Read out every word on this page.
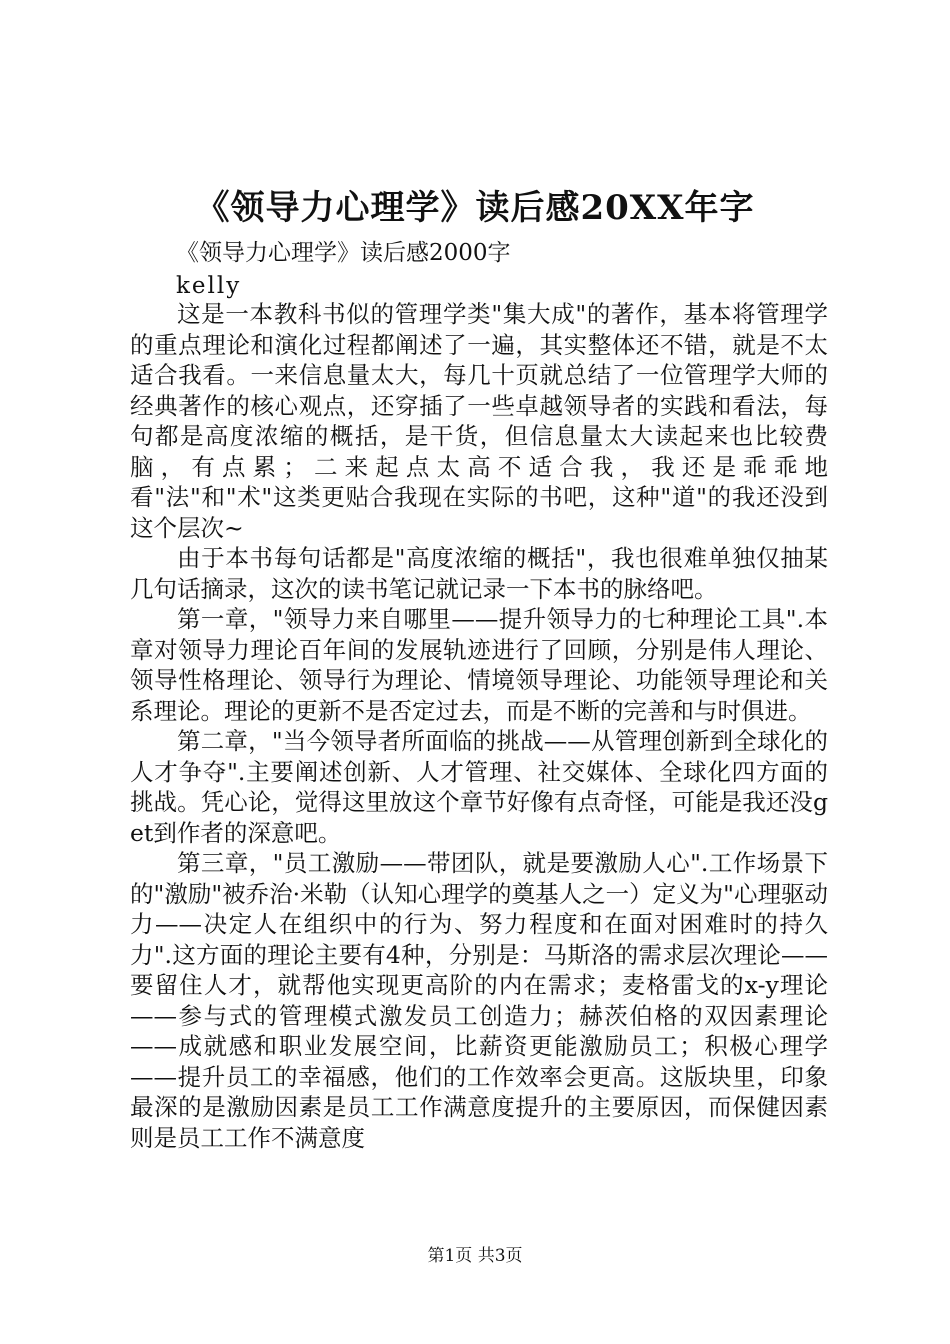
《领导力心理学》读后感20XX年字
《领导力心理学》读后感2000字
kelly

这是一本教科书似的管理学类"集大成"的著作，基本将管理学的重点理论和演化过程都阐述了一遍，其实整体还不错，就是不太适合我看。一来信息量太大，每几十页就总结了一位管理学大师的经典著作的核心观点，还穿插了一些卓越领导者的实践和看法，每句都是高度浓缩的概括，是干货，但信息量太大读起来也比较费脑，有点累；二来起点太高不适合我，我还是乖乖地看"法"和"术"这类更贴合我现在实际的书吧，这种"道"的我还没到这个层次~

由于本书每句话都是"高度浓缩的概括"，我也很难单独仅抽某几句话摘录，这次的读书笔记就记录一下本书的脉络吧。

第一章，"领导力来自哪里——提升领导力的七种理论工具".本章对领导力理论百年间的发展轨迹进行了回顾，分别是伟人理论、领导性格理论、领导行为理论、情境领导理论、功能领导理论和关系理论。理论的更新不是否定过去，而是不断的完善和与时俱进。

第二章，"当今领导者所面临的挑战——从管理创新到全球化的人才争夺".主要阐述创新、人才管理、社交媒体、全球化四方面的挑战。凭心论，觉得这里放这个章节好像有点奇怪，可能是我还没get到作者的深意吧。

第三章，"员工激励——带团队，就是要激励人心".工作场景下的"激励"被乔治·米勒（认知心理学的奠基人之一）定义为"心理驱动力——决定人在组织中的行为、努力程度和在面对困难时的持久力".这方面的理论主要有4种，分别是：马斯洛的需求层次理论——要留住人才，就帮他实现更高阶的内在需求；麦格雷戈的x-y理论——参与式的管理模式激发员工创造力；赫茨伯格的双因素理论——成就感和职业发展空间，比薪资更能激励员工；积极心理学——提升员工的幸福感，他们的工作效率会更高。这版块里，印象最深的是激励因素是员工工作满意度提升的主要原因，而保健因素则是员工工作不满意度

第1页 共3页
